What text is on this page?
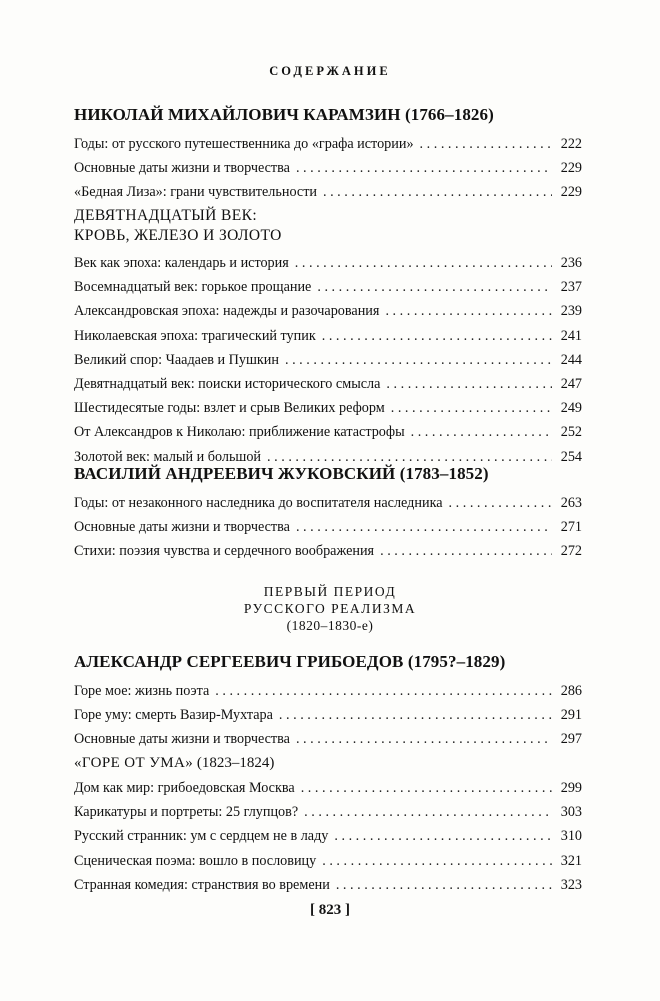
СОДЕРЖАНИЕ
НИКОЛАЙ МИХАЙЛОВИЧ КАРАМЗИН (1766–1826)
Годы: от русского путешественника до «графа истории» . . .	222
Основные даты жизни и творчества . . .	229
«Бедная Лиза»: грани чувствительности . . .	229
ДЕВЯТНАДЦАТЫЙ ВЕК:
КРОВЬ, ЖЕЛЕЗО И ЗОЛОТО
Век как эпоха: календарь и история . . .	236
Восемнадцатый век: горькое прощание . . .	237
Александровская эпоха: надежды и разочарования . . .	239
Николаевская эпоха: трагический тупик . . .	241
Великий спор: Чаадаев и Пушкин . . .	244
Девятнадцатый век: поиски исторического смысла . . .	247
Шестидесятые годы: взлет и срыв Великих реформ . . .	249
От Александров к Николаю: приближение катастрофы . . .	252
Золотой век: малый и большой . . .	254
ВАСИЛИЙ АНДРЕЕВИЧ ЖУКОВСКИЙ (1783–1852)
Годы: от незаконного наследника до воспитателя наследника . . .	263
Основные даты жизни и творчества . . .	271
Стихи: поэзия чувства и сердечного воображения . . .	272
ПЕРВЫЙ ПЕРИОД
РУССКОГО РЕАЛИЗМА
(1820–1830-е)
АЛЕКСАНДР СЕРГЕЕВИЧ ГРИБОЕДОВ (1795?–1829)
Горе мое: жизнь поэта . . .	286
Горе уму: смерть Вазир-Мухтара . . .	291
Основные даты жизни и творчества . . .	297
«ГОРЕ ОТ УМА» (1823–1824)
Дом как мир: грибоедовская Москва . . .	299
Карикатуры и портреты: 25 глупцов? . . .	303
Русский странник: ум с сердцем не в ладу . . .	310
Сценическая поэма: вошло в пословицу . . .	321
Странная комедия: странствия во времени . . .	323
[ 823 ]
